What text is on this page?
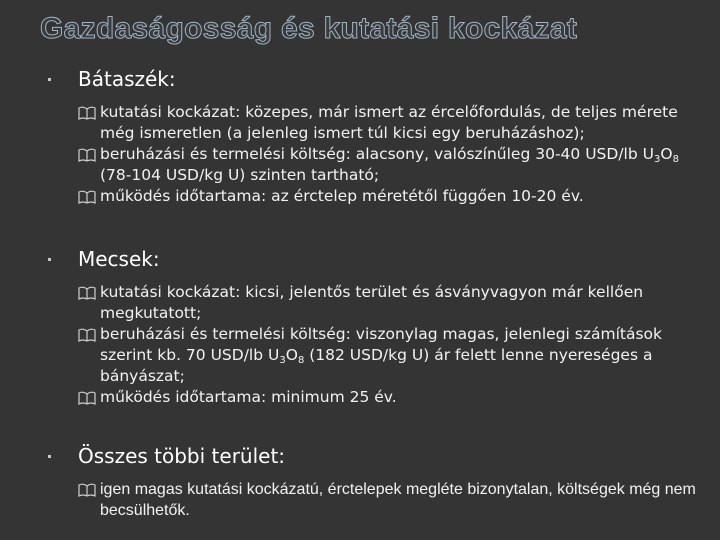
Gazdaságosság és kutatási kockázat
Bátaszék:
kutatási kockázat: közepes, már ismert az ércelőfordulás, de teljes mérete még ismeretlen (a jelenleg ismert túl kicsi egy beruházáshoz);
beruházási és termelési költség: alacsony, valószínűleg 30-40 USD/lb $U_3O_8$ (78-104 USD/kg U) szinten tartható;
működés időtartama: az érctelep méretétől függően 10-20 év.
Mecsek:
kutatási kockázat: kicsi, jelentős terület és ásványvagyon már kellően megkutatott;
beruházási és termelési költség: viszonylag magas, jelenlegi számítások szerint kb. 70 USD/lb $U_3O_8$ (182 USD/kg U) ár felett lenne nyereséges a bányászat;
működés időtartama: minimum 25 év.
Összes többi terület:
igen magas kutatási kockázatú, érctelepek megléte bizonytalan, költségek még nem becsülhetők.
